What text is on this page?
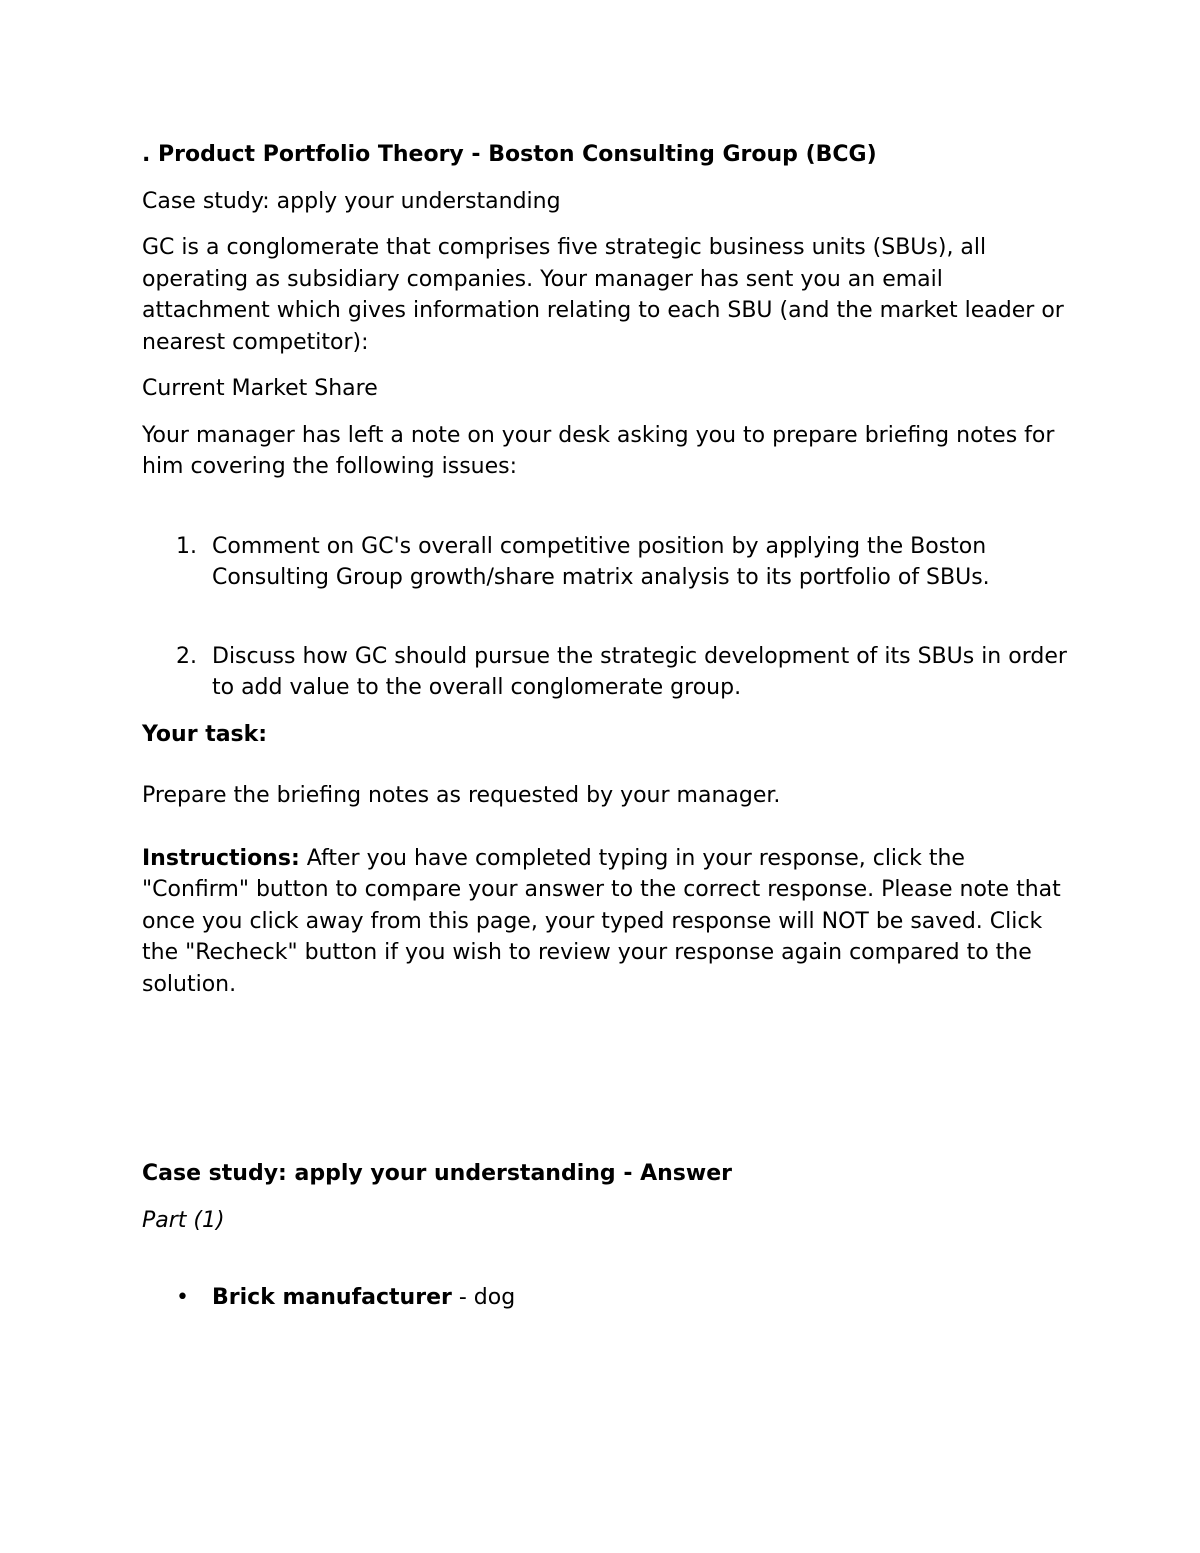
. Product Portfolio Theory - Boston Consulting Group (BCG)

Case study: apply your understanding

GC is a conglomerate that comprises five strategic business units (SBUs), all operating as subsidiary companies. Your manager has sent you an email attachment which gives information relating to each SBU (and the market leader or nearest competitor):

Current Market Share

Your manager has left a note on your desk asking you to prepare briefing notes for him covering the following issues:

1. Comment on GC's overall competitive position by applying the Boston Consulting Group growth/share matrix analysis to its portfolio of SBUs.
2. Discuss how GC should pursue the strategic development of its SBUs in order to add value to the overall conglomerate group.

Your task:

Prepare the briefing notes as requested by your manager.

Instructions: After you have completed typing in your response, click the "Confirm" button to compare your answer to the correct response. Please note that once you click away from this page, your typed response will NOT be saved. Click the "Recheck" button if you wish to review your response again compared to the solution.

Case study: apply your understanding - Answer

Part (1)

• Brick manufacturer - dog
